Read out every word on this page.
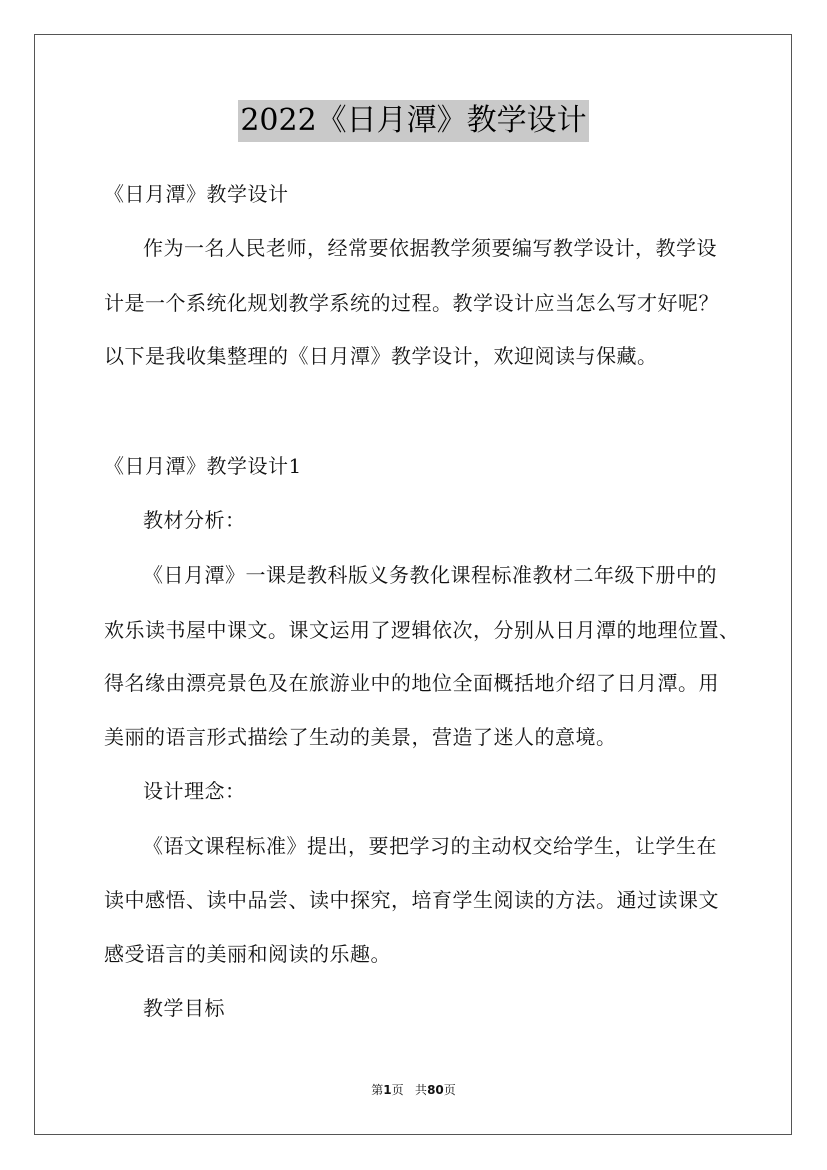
2022《日月潭》教学设计
《日月潭》教学设计
作为一名人民老师，经常要依据教学须要编写教学设计，教学设
计是一个系统化规划教学系统的过程。教学设计应当怎么写才好呢？
以下是我收集整理的《日月潭》教学设计，欢迎阅读与保藏。
《日月潭》教学设计1
教材分析：
《日月潭》一课是教科版义务教化课程标准教材二年级下册中的
欢乐读书屋中课文。课文运用了逻辑依次，分别从日月潭的地理位置、
得名缘由漂亮景色及在旅游业中的地位全面概括地介绍了日月潭。用
美丽的语言形式描绘了生动的美景，营造了迷人的意境。
设计理念：
《语文课程标准》提出，要把学习的主动权交给学生，让学生在
读中感悟、读中品尝、读中探究，培育学生阅读的方法。通过读课文
感受语言的美丽和阅读的乐趣。
教学目标
第1页 共80页
